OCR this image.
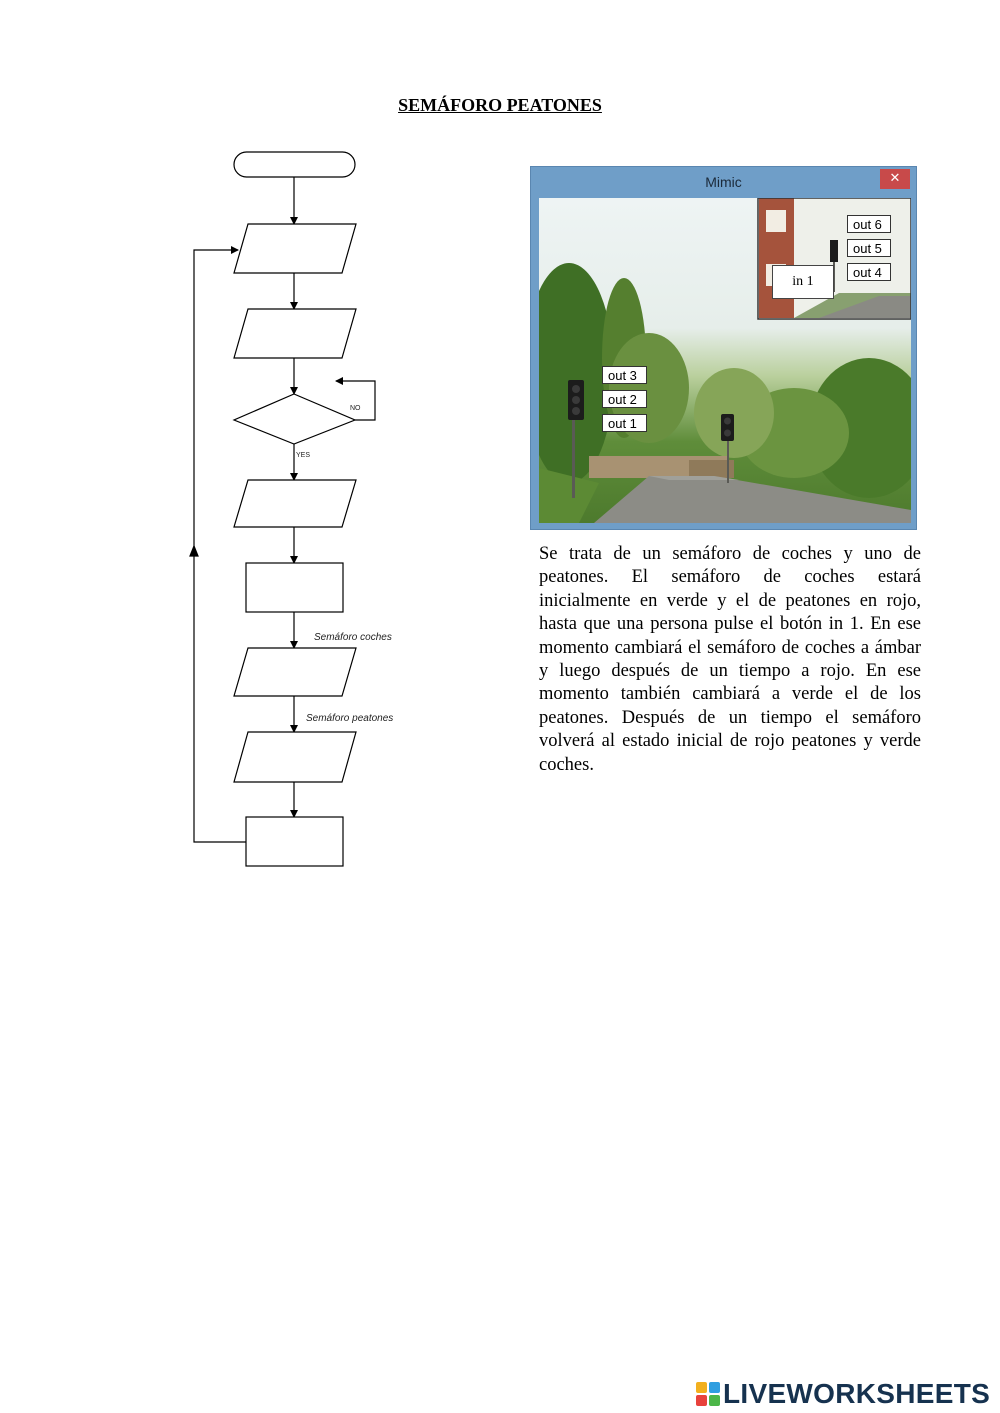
SEMÁFORO PEATONES
NO
YES
Semáforo coches
Semáforo peatones
Mimic	✕
out 6
out 5
out 4
in 1
out 3
out 2
out 1

Se trata de un semáforo de coches y uno de peatones. El semáforo de coches estará inicialmente en verde y el de peatones en rojo, hasta que una persona pulse el botón in 1. En ese momento cambiará el semáforo de coches a ámbar y luego después de un tiempo a rojo. En ese momento también cambiará a verde el de los peatones. Después de un tiempo el semáforo volverá al estado inicial de rojo peatones y verde coches.

LIVEWORKSHEETS
